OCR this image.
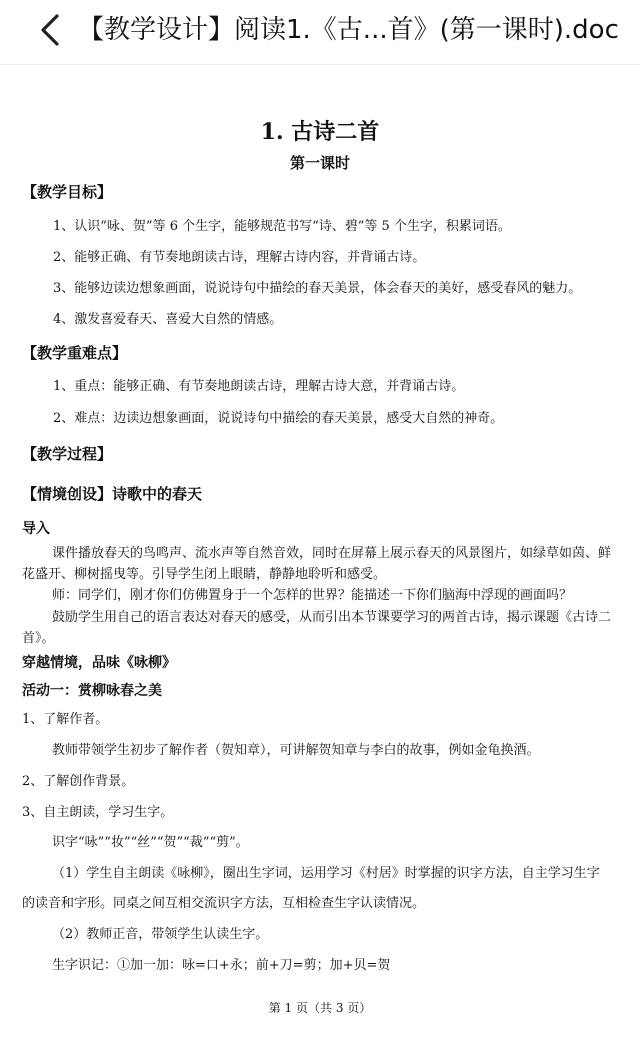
【教学设计】阅读1.《古...首》(第一课时).doc
1. 古诗二首
第一课时
【教学目标】
1、认识“咏、贺”等 6 个生字，能够规范书写“诗、碧”等 5 个生字，积累词语。
2、能够正确、有节奏地朗读古诗，理解古诗内容，并背诵古诗。
3、能够边读边想象画面，说说诗句中描绘的春天美景，体会春天的美好，感受春风的魅力。
4、激发喜爱春天、喜爱大自然的情感。
【教学重难点】
1、重点：能够正确、有节奏地朗读古诗，理解古诗大意，并背诵古诗。
2、难点：边读边想象画面，说说诗句中描绘的春天美景，感受大自然的神奇。
【教学过程】
【情境创设】诗歌中的春天
导入
课件播放春天的鸟鸣声、流水声等自然音效，同时在屏幕上展示春天的风景图片，如绿草如茵、鲜
花盛开、柳树摇曳等。引导学生闭上眼睛，静静地聆听和感受。
师：同学们，刚才你们仿佛置身于一个怎样的世界？能描述一下你们脑海中浮现的画面吗？
鼓励学生用自己的语言表达对春天的感受，从而引出本节课要学习的两首古诗，揭示课题《古诗二
首》。
穿越情境，品味《咏柳》
活动一：赏柳咏春之美
1、了解作者。
教师带领学生初步了解作者（贺知章），可讲解贺知章与李白的故事，例如金龟换酒。
2、了解创作背景。
3、自主朗读，学习生字。
识字“咏”“妆”“丝”“贺”“裁”“剪”。
（1）学生自主朗读《咏柳》，圈出生字词，运用学习《村居》时掌握的识字方法，自主学习生字
的读音和字形。同桌之间互相交流识字方法，互相检查生字认读情况。
（2）教师正音，带领学生认读生字。
生字识记：①加一加：咏=口+永；前+刀=剪；加+贝=贺
第 1 页（共 3 页）
